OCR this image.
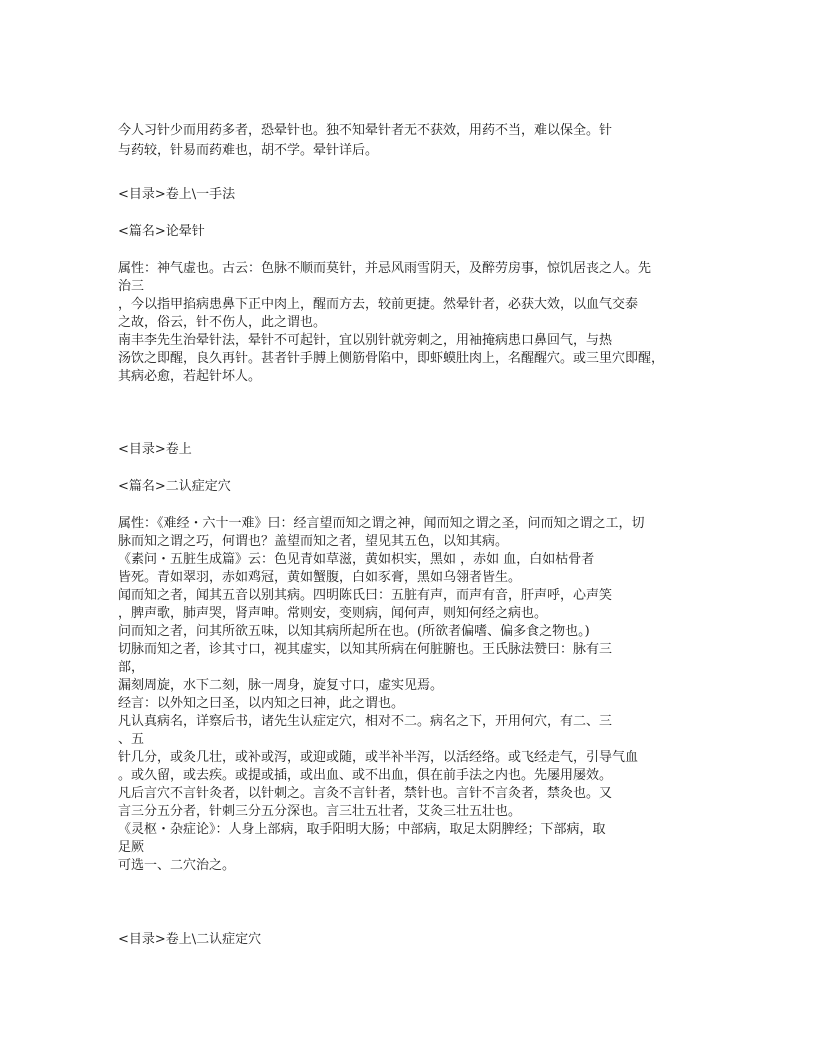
今人习针少而用药多者，恐晕针也。独不知晕针者无不获效，用药不当，难以保全。针
与药较，针易而药难也，胡不学。晕针详后。
<目录>卷上\一手法
<篇名>论晕针
属性：神气虚也。古云：色脉不顺而莫针，并忌风雨雪阴天，及醉劳房事，惊饥居丧之人。先
治三
，今以指甲掐病患鼻下正中肉上，醒而方去，较前更捷。然晕针者，必获大效，以血气交泰
之故，俗云，针不伤人，此之谓也。
南丰李先生治晕针法，晕针不可起针，宜以别针就旁刺之，用袖掩病患口鼻回气，与热
汤饮之即醒，良久再针。甚者针手膊上侧筋骨陷中，即虾蟆肚肉上，名醒醒穴。或三里穴即醒，
其病必愈，若起针坏人。
<目录>卷上
<篇名>二认症定穴
属性：《难经・六十一难》曰：经言望而知之谓之神，闻而知之谓之圣，问而知之谓之工，切
脉而知之谓之巧，何谓也？盖望而知之者，望见其五色，以知其病。
《素问・五脏生成篇》云：色见青如草滋，黄如枳实，黑如 ，赤如 血，白如枯骨者
皆死。青如翠羽，赤如鸡冠，黄如蟹腹，白如豕膏，黑如乌翎者皆生。
闻而知之者，闻其五音以别其病。四明陈氏曰：五脏有声，而声有音，肝声呼，心声笑
，脾声歌，肺声哭，肾声呻。常则安，变则病，闻何声，则知何经之病也。
问而知之者，问其所欲五味，以知其病所起所在也。(所欲者偏嗜、偏多食之物也。)
切脉而知之者，诊其寸口，视其虚实，以知其所病在何脏腑也。王氏脉法赞曰：脉有三
部，
漏刻周旋，水下二刻，脉一周身，旋复寸口，虚实见焉。
经言：以外知之曰圣，以内知之曰神，此之谓也。
凡认真病名，详察后书，诸先生认症定穴，相对不二。病名之下，开用何穴，有二、三
、五
针几分，或灸几壮，或补或泻，或迎或随，或半补半泻，以活经络。或飞经走气，引导气血
。或久留，或去疾。或提或插，或出血、或不出血，俱在前手法之内也。先屡用屡效。
凡后言穴不言针灸者，以针刺之。言灸不言针者，禁针也。言针不言灸者，禁灸也。又
言三分五分者，针刺三分五分深也。言三壮五壮者，艾灸三壮五壮也。
《灵枢・杂症论》：人身上部病，取手阳明大肠；中部病，取足太阴脾经；下部病，取
足厥
可选一、二穴治之。
<目录>卷上\二认症定穴
